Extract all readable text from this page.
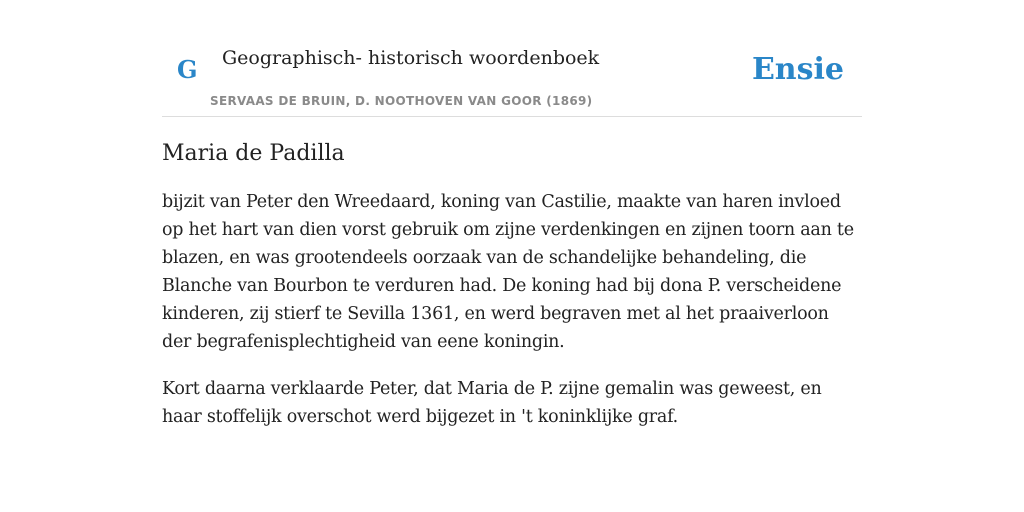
G Geographisch- historisch woordenboek
SERVAAS DE BRUIN, D. NOOTHOVEN VAN GOOR (1869)
Ensie
Maria de Padilla

bijzit van Peter den Wreedaard, koning van Castilie, maakte van haren invloed op het hart van dien vorst gebruik om zijne verdenkingen en zijnen toorn aan te blazen, en was grootendeels oorzaak van de schandelijke behandeling, die Blanche van Bourbon te verduren had. De koning had bij dona P. verscheidene kinderen, zij stierf te Sevilla 1361, en werd begraven met al het praaiverloon der begrafenisplechtigheid van eene koningin.

Kort daarna verklaarde Peter, dat Maria de P. zijne gemalin was geweest, en haar stoffelijk overschot werd bijgezet in 't koninklijke graf.
